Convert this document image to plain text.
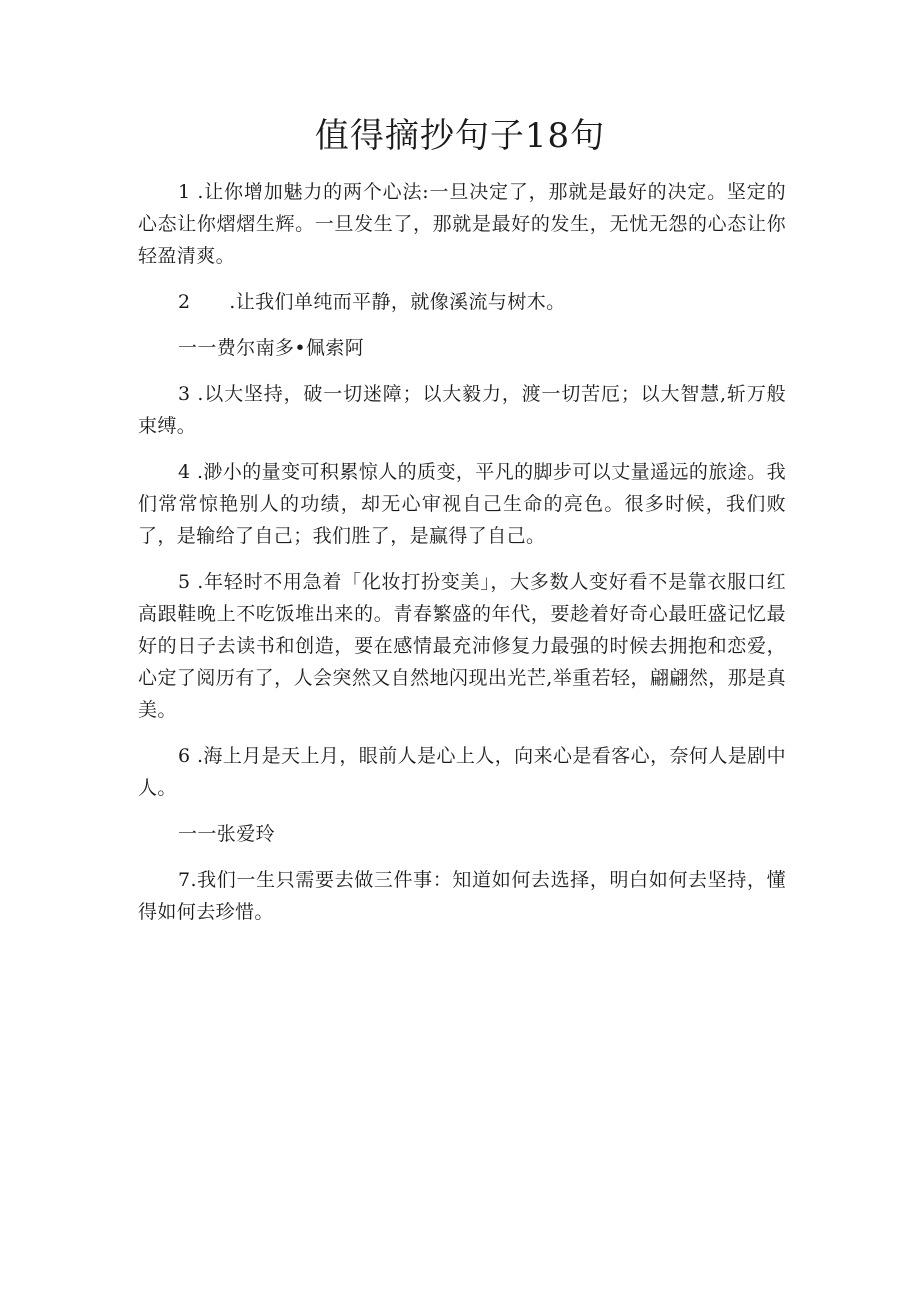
值得摘抄句子18句

1 .让你增加魅力的两个心法:一旦决定了，那就是最好的决定。坚定的心态让你熠熠生辉。一旦发生了，那就是最好的发生，无忧无怨的心态让你轻盈清爽。

2　　.让我们单纯而平静，就像溪流与树木。

一一费尔南多•佩索阿

3 .以大坚持，破一切迷障；以大毅力，渡一切苦厄；以大智慧,斩万般束缚。

4 .渺小的量变可积累惊人的质变，平凡的脚步可以丈量遥远的旅途。我们常常惊艳别人的功绩，却无心审视自己生命的亮色。很多时候，我们败了，是输给了自己；我们胜了，是赢得了自己。

5 .年轻时不用急着「化妆打扮变美」，大多数人变好看不是靠衣服口红高跟鞋晚上不吃饭堆出来的。青春繁盛的年代，要趁着好奇心最旺盛记忆最好的日子去读书和创造，要在感情最充沛修复力最强的时候去拥抱和恋爱，心定了阅历有了，人会突然又自然地闪现出光芒,举重若轻，翩翩然，那是真美。

6 .海上月是天上月，眼前人是心上人，向来心是看客心，奈何人是剧中人。

一一张爱玲

7.我们一生只需要去做三件事：知道如何去选择，明白如何去坚持，懂得如何去珍惜。
